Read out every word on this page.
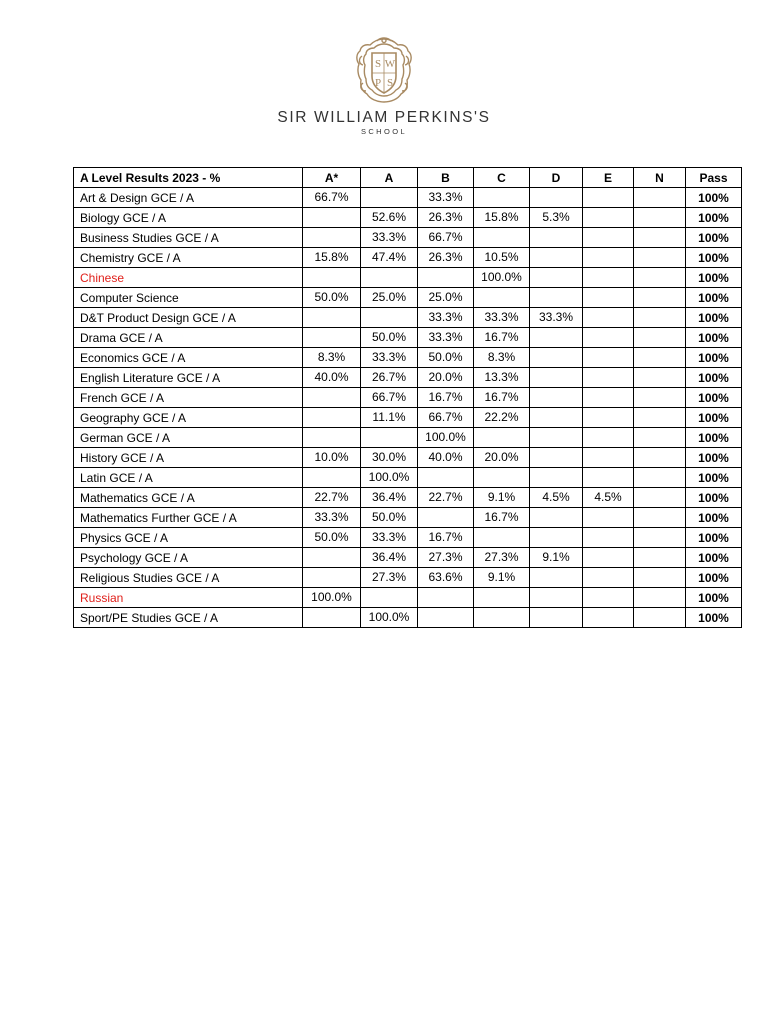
S W
P S
SIR WILLIAM PERKINS'S
SCHOOL
A Level Results 2023 - %	A*	A	B	C	D	E	N	Pass
Art & Design GCE / A	66.7%		33.3%					100%
Biology GCE / A		52.6%	26.3%	15.8%	5.3%			100%
Business Studies GCE / A		33.3%	66.7%					100%
Chemistry GCE / A	15.8%	47.4%	26.3%	10.5%				100%
Chinese				100.0%				100%
Computer Science	50.0%	25.0%	25.0%					100%
D&T Product Design GCE / A			33.3%	33.3%	33.3%			100%
Drama GCE / A		50.0%	33.3%	16.7%				100%
Economics GCE / A	8.3%	33.3%	50.0%	8.3%				100%
English Literature GCE / A	40.0%	26.7%	20.0%	13.3%				100%
French GCE / A		66.7%	16.7%	16.7%				100%
Geography GCE / A		11.1%	66.7%	22.2%				100%
German GCE / A			100.0%					100%
History GCE / A	10.0%	30.0%	40.0%	20.0%				100%
Latin GCE / A		100.0%						100%
Mathematics GCE / A	22.7%	36.4%	22.7%	9.1%	4.5%	4.5%		100%
Mathematics Further GCE / A	33.3%	50.0%		16.7%				100%
Physics GCE / A	50.0%	33.3%	16.7%					100%
Psychology GCE / A		36.4%	27.3%	27.3%	9.1%			100%
Religious Studies GCE / A		27.3%	63.6%	9.1%				100%
Russian	100.0%							100%
Sport/PE Studies GCE / A		100.0%						100%
